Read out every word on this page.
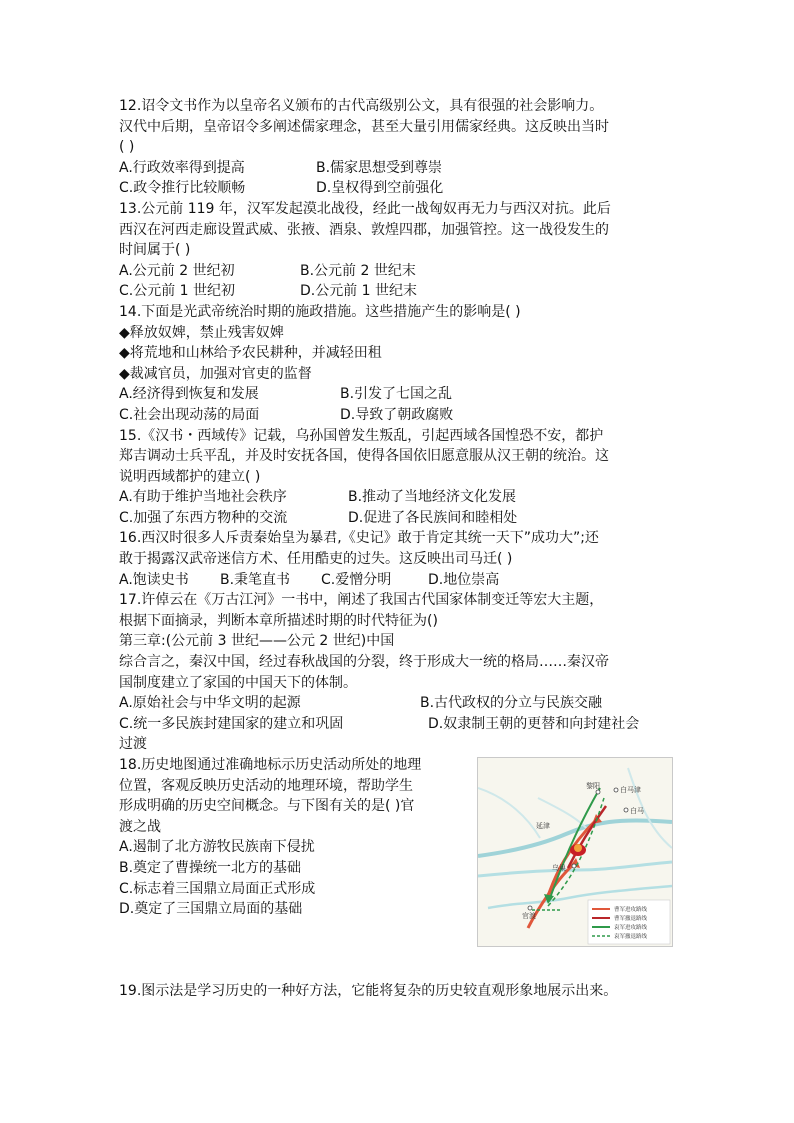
12.诏令文书作为以皇帝名义颁布的古代高级别公文，具有很强的社会影响力。
汉代中后期，皇帝诏令多阐述儒家理念，甚至大量引用儒家经典。这反映出当时
( )
A.行政效率得到提高	B.儒家思想受到尊崇
C.政令推行比较顺畅	D.皇权得到空前强化
13.公元前 119 年，汉军发起漠北战役，经此一战匈奴再无力与西汉对抗。此后
西汉在河西走廊设置武威、张掖、酒泉、敦煌四郡，加强管控。这一战役发生的
时间属于( )
A.公元前 2 世纪初	B.公元前 2 世纪末
C.公元前 1 世纪初	D.公元前 1 世纪末
14.下面是光武帝统治时期的施政措施。这些措施产生的影响是( )
◆释放奴婢，禁止残害奴婢
◆将荒地和山林给予农民耕种，并减轻田租
◆裁减官员，加强对官吏的监督
A.经济得到恢复和发展	B.引发了七国之乱
C.社会出现动荡的局面	D.导致了朝政腐败
15.《汉书・西域传》记载，乌孙国曾发生叛乱，引起西域各国惶恐不安，都护
郑吉调动士兵平乱，并及时安抚各国，使得各国依旧愿意服从汉王朝的统治。这
说明西域都护的建立( )
A.有助于维护当地社会秩序	B.推动了当地经济文化发展
C.加强了东西方物种的交流	D.促进了各民族间和睦相处
16.西汉时很多人斥责秦始皇为暴君,《史记》敢于肯定其统一天下”成功大”;还
敢于揭露汉武帝迷信方术、任用酷吏的过失。这反映出司马迁( )
A.饱读史书	B.秉笔直书	C.爱憎分明	D.地位崇高
17.许倬云在《万古江河》一书中，阐述了我国古代国家体制变迁等宏大主题，
根据下面摘录，判断本章所描述时期的时代特征为()
第三章:(公元前 3 世纪——公元 2 世纪)中国
综合言之，秦汉中国，经过春秋战国的分裂，终于形成大一统的格局……秦汉帝
国制度建立了家国的中国天下的体制。
A.原始社会与中华文明的起源	B.古代政权的分立与民族交融
C.统一多民族封建国家的建立和巩固	D.奴隶制王朝的更替和向封建社会
过渡
18.历史地图通过准确地标示历史活动所处的地理
位置，客观反映历史活动的地理环境，帮助学生
形成明确的历史空间概念。与下图有关的是( )官
渡之战
A.遏制了北方游牧民族南下侵扰
B.奠定了曹操统一北方的基础
C.标志着三国鼎立局面正式形成
D.奠定了三国鼎立局面的基础
黎阳	白马津
白马
延津
乌巢
官渡
曹军进攻路线
曹军撤退路线
袁军进攻路线
袁军撤退路线
19.图示法是学习历史的一种好方法，它能将复杂的历史较直观形象地展示出来。
